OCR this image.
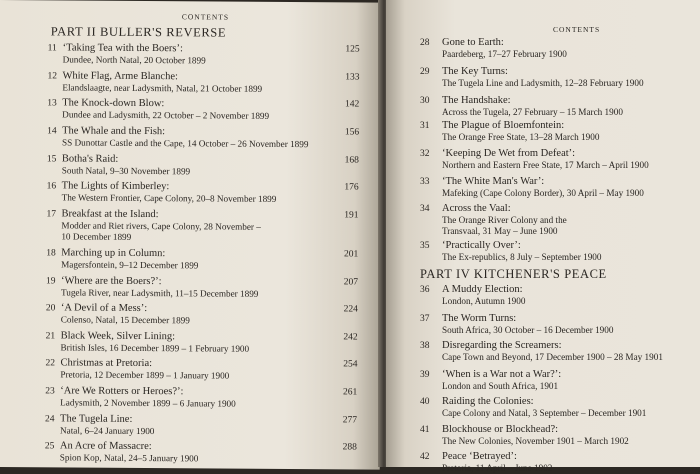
CONTENTS
PART II BULLER'S REVERSE
11 ‘Taking Tea with the Boers’:
Dundee, North Natal, 20 October 1899
125
12 White Flag, Arme Blanche:
Elandslaagte, near Ladysmith, Natal, 21 October 1899
133
13 The Knock-down Blow:
Dundee and Ladysmith, 22 October – 2 November 1899
142
14 The Whale and the Fish:
SS Dunottar Castle and the Cape, 14 October – 26 November 1899
156
15 Botha's Raid:
South Natal, 9–30 November 1899
168
16 The Lights of Kimberley:
The Western Frontier, Cape Colony, 20–8 November 1899
176
17 Breakfast at the Island:
Modder and Riet rivers, Cape Colony, 28 November –
10 December 1899
191
18 Marching up in Column:
Magersfontein, 9–12 December 1899
201
19 ‘Where are the Boers?’:
Tugela River, near Ladysmith, 11–15 December 1899
207
20 ‘A Devil of a Mess’:
Colenso, Natal, 15 December 1899
224
21 Black Week, Silver Lining:
British Isles, 16 December 1899 – 1 February 1900
242
22 Christmas at Pretoria:
Pretoria, 12 December 1899 – 1 January 1900
254
23 ‘Are We Rotters or Heroes?’:
Ladysmith, 2 November 1899 – 6 January 1900
261
24 The Tugela Line:
Natal, 6–24 January 1900
277
25 An Acre of Massacre:
Spion Kop, Natal, 24–5 January 1900
288
CONTENTS
28 Gone to Earth:
Paardeberg, 17–27 February 1900
29 The Key Turns:
The Tugela Line and Ladysmith, 12–28 February 1900
30 The Handshake:
Across the Tugela, 27 February – 15 March 1900
31 The Plague of Bloemfontein:
The Orange Free State, 13–28 March 1900
32 ‘Keeping De Wet from Defeat’:
Northern and Eastern Free State, 17 March – April 1900
33 ‘The White Man's War’:
Mafeking (Cape Colony Border), 30 April – May 1900
34 Across the Vaal:
The Orange River Colony and the
Transvaal, 31 May – June 1900
35 ‘Practically Over’:
The Ex-republics, 8 July – September 1900
PART IV KITCHENER'S PEACE
36 A Muddy Election:
London, Autumn 1900
37 The Worm Turns:
South Africa, 30 October – 16 December 1900
38 Disregarding the Screamers:
Cape Town and Beyond, 17 December 1900 – 28 May 1901
39 ‘When is a War not a War?’:
London and South Africa, 1901
40 Raiding the Colonies:
Cape Colony and Natal, 3 September – December 1901
41 Blockhouse or Blockhead?:
The New Colonies, November 1901 – March 1902
42 Peace ‘Betrayed’:
Pretoria, 11 April – June 1902
